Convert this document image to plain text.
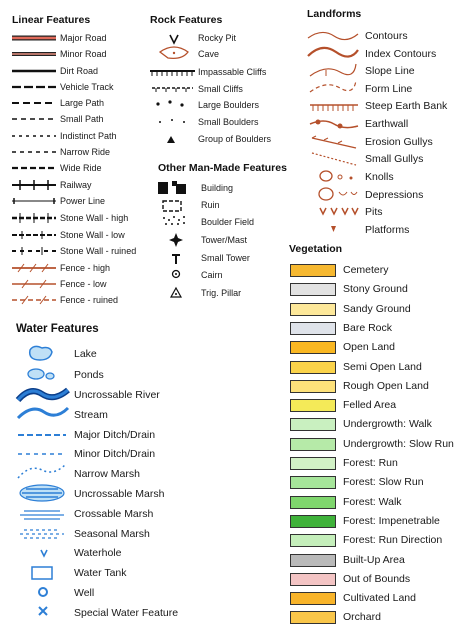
Linear Features
Major Road
Minor Road
Dirt Road
Vehicle Track
Large Path
Small Path
Indistinct Path
Narrow Ride
Wide Ride
Railway
Power Line
Stone Wall - high
Stone Wall - low
Stone Wall - ruined
Fence - high
Fence - low
Fence - ruined
Rock Features
Rocky Pit
Cave
Impassable Cliffs
Small Cliffs
Large Boulders
Small Boulders
Group of Boulders
Other Man-Made Features
Building
Ruin
Boulder Field
Tower/Mast
Small Tower
Cairn
Trig. Pillar
Landforms
Contours
Index Contours
Slope Line
Form Line
Steep Earth Bank
Earthwall
Erosion Gullys
Small Gullys
Knolls
Depressions
Pits
Platforms
Water Features
Lake
Ponds
Uncrossable River
Stream
Major Ditch/Drain
Minor Ditch/Drain
Narrow Marsh
Uncrossable Marsh
Crossable Marsh
Seasonal Marsh
Waterhole
Water Tank
Well
Special Water Feature
Vegetation
Cemetery
Stony Ground
Sandy Ground
Bare Rock
Open Land
Semi Open Land
Rough Open Land
Felled Area
Undergrowth: Walk
Undergrowth: Slow Run
Forest: Run
Forest: Slow Run
Forest: Walk
Forest: Impenetrable
Forest: Run Direction
Built-Up Area
Out of Bounds
Cultivated Land
Orchard
